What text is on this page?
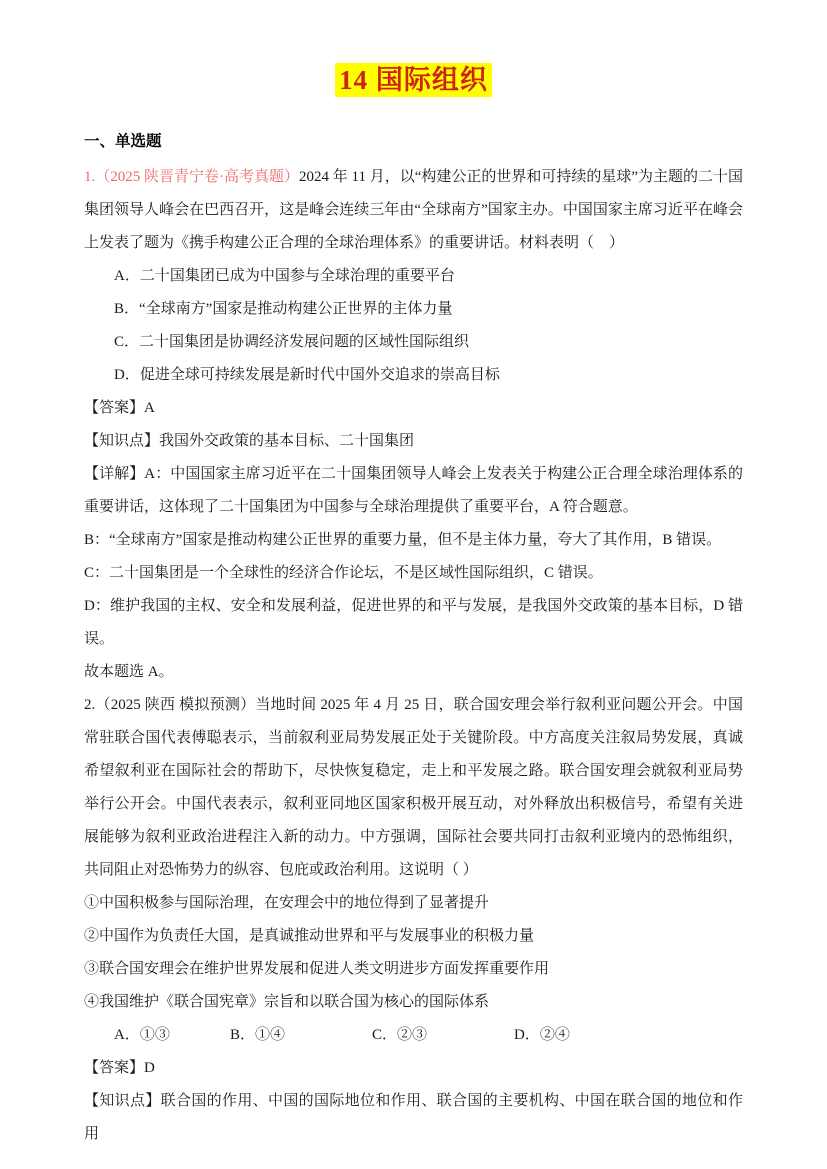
14 国际组织

一、单选题

1.（2025 陕晋青宁卷·高考真题）2024 年 11 月，以“构建公正的世界和可持续的星球”为主题的二十国集团领导人峰会在巴西召开，这是峰会连续三年由“全球南方”国家主办。中国国家主席习近平在峰会上发表了题为《携手构建公正合理的全球治理体系》的重要讲话。材料表明（　）

A．二十国集团已成为中国参与全球治理的重要平台

B．“全球南方”国家是推动构建公正世界的主体力量

C．二十国集团是协调经济发展问题的区域性国际组织

D．促进全球可持续发展是新时代中国外交追求的崇高目标

【答案】A

【知识点】我国外交政策的基本目标、二十国集团

【详解】A：中国国家主席习近平在二十国集团领导人峰会上发表关于构建公正合理全球治理体系的重要讲话，这体现了二十国集团为中国参与全球治理提供了重要平台，A 符合题意。

B：“全球南方”国家是推动构建公正世界的重要力量，但不是主体力量，夸大了其作用，B 错误。

C：二十国集团是一个全球性的经济合作论坛，不是区域性国际组织，C 错误。

D：维护我国的主权、安全和发展利益，促进世界的和平与发展，是我国外交政策的基本目标，D 错误。

故本题选 A。

2.（2025 陕西 模拟预测）当地时间 2025 年 4 月 25 日，联合国安理会举行叙利亚问题公开会。中国常驻联合国代表傅聪表示，当前叙利亚局势发展正处于关键阶段。中方高度关注叙局势发展，真诚希望叙利亚在国际社会的帮助下，尽快恢复稳定，走上和平发展之路。联合国安理会就叙利亚局势举行公开会。中国代表表示，叙利亚同地区国家积极开展互动，对外释放出积极信号，希望有关进展能够为叙利亚政治进程注入新的动力。中方强调，国际社会要共同打击叙利亚境内的恐怖组织，共同阻止对恐怖势力的纵容、包庇或政治利用。这说明（ ）

①中国积极参与国际治理，在安理会中的地位得到了显著提升

②中国作为负责任大国，是真诚推动世界和平与发展事业的积极力量

③联合国安理会在维护世界发展和促进人类文明进步方面发挥重要作用

④我国维护《联合国宪章》宗旨和以联合国为核心的国际体系

A．①③	B．①④	C．②③	D．②④

【答案】D

【知识点】联合国的作用、中国的国际地位和作用、联合国的主要机构、中国在联合国的地位和作用
